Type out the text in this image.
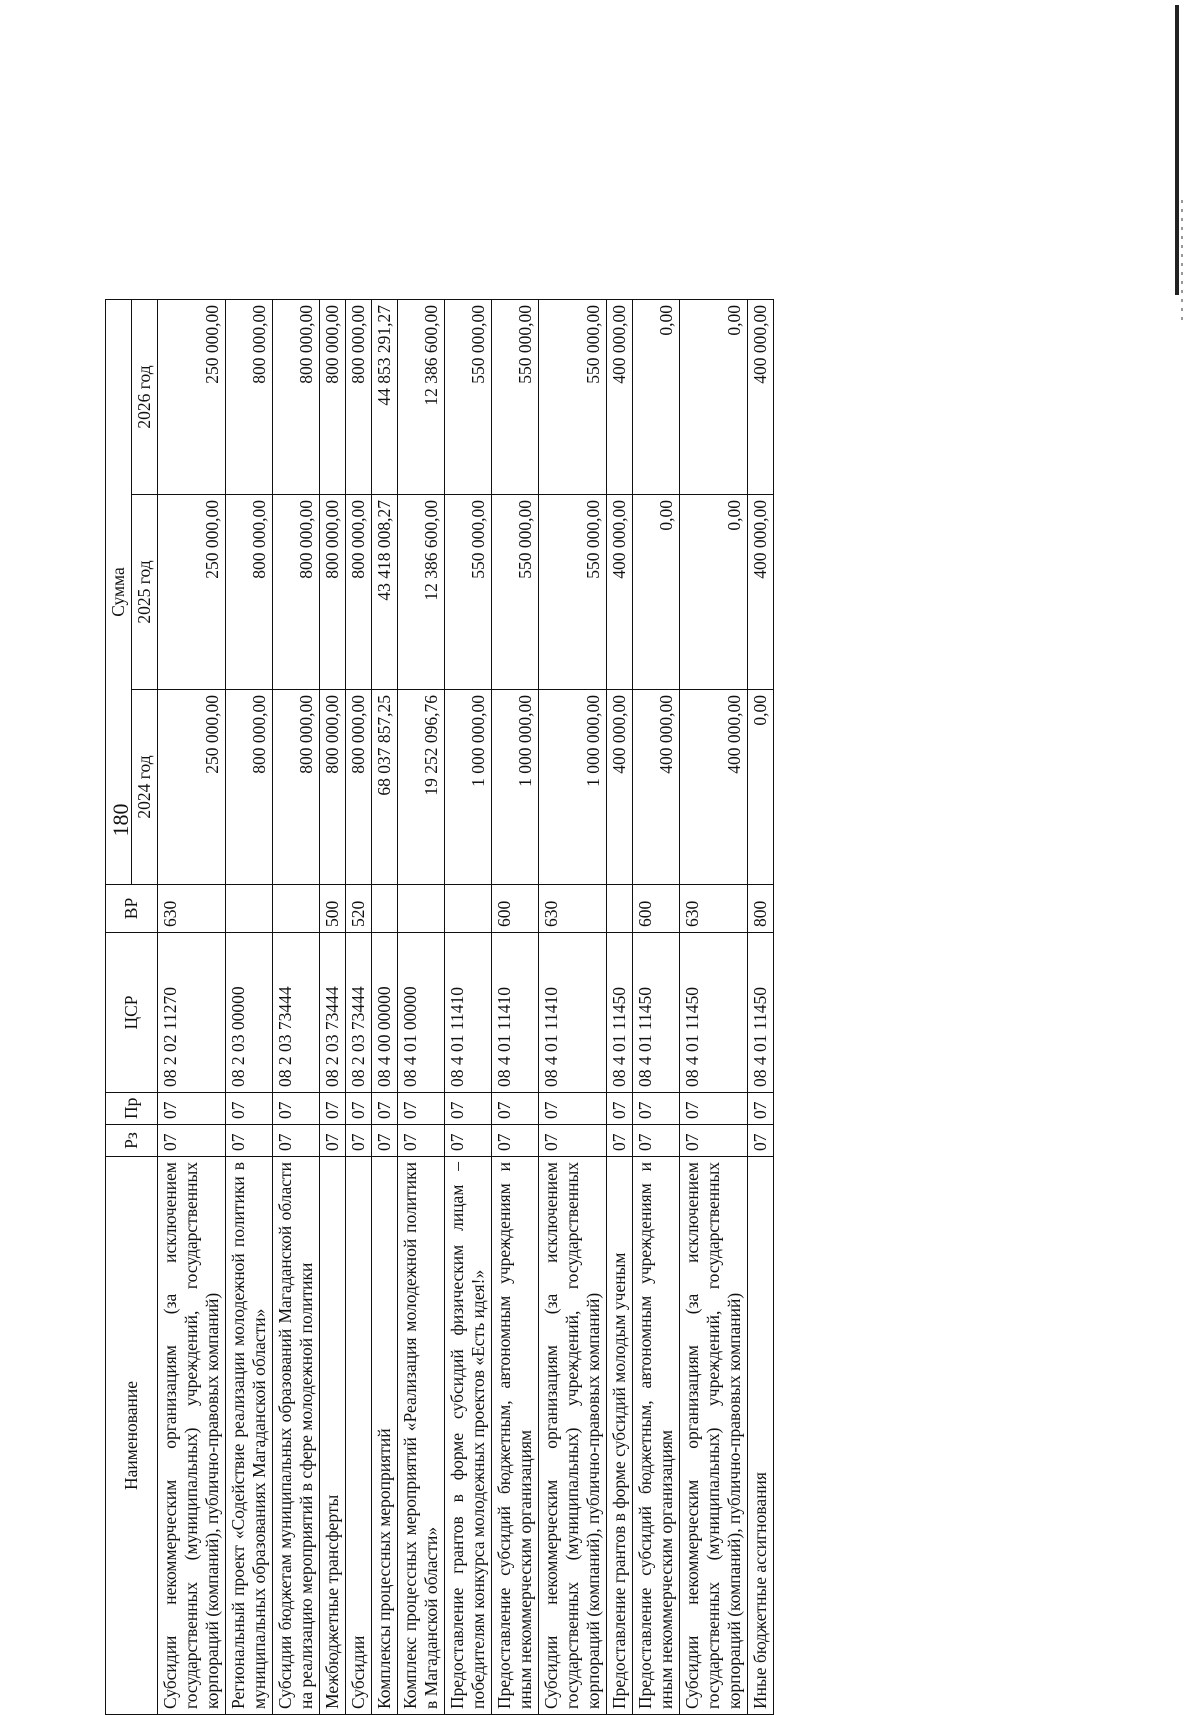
180
Наименование	Рз	Пр	ЦСР	ВР	Сумма		
					2024 год	2025 год	2026 год
Субсидии некоммерческим организациям (за исключением государственных (муниципальных) учреждений, государственных корпораций (компаний), публично-правовых компаний)	07	07	08 2 02 11270	630	250 000,00	250 000,00	250 000,00
Региональный проект «Содействие реализации молодежной политики в муниципальных образованиях Магаданской области»	07	07	08 2 03 00000		800 000,00	800 000,00	800 000,00
Субсидии бюджетам муниципальных образований Магаданской области на реализацию мероприятий в сфере молодежной политики	07	07	08 2 03 73444		800 000,00	800 000,00	800 000,00
Межбюджетные трансферты	07	07	08 2 03 73444	500	800 000,00	800 000,00	800 000,00
Субсидии	07	07	08 2 03 73444	520	800 000,00	800 000,00	800 000,00
Комплексы процессных мероприятий	07	07	08 4 00 00000		68 037 857,25	43 418 008,27	44 853 291,27
Комплекс процессных мероприятий «Реализация молодежной политики в Магаданской области»	07	07	08 4 01 00000		19 252 096,76	12 386 600,00	12 386 600,00
Предоставление грантов в форме субсидий физическим лицам – победителям конкурса молодежных проектов «Есть идея!»	07	07	08 4 01 11410		1 000 000,00	550 000,00	550 000,00
Предоставление субсидий бюджетным, автономным учреждениям и иным некоммерческим организациям	07	07	08 4 01 11410	600	1 000 000,00	550 000,00	550 000,00
Субсидии некоммерческим организациям (за исключением государственных (муниципальных) учреждений, государственных корпораций (компаний), публично-правовых компаний)	07	07	08 4 01 11410	630	1 000 000,00	550 000,00	550 000,00
Предоставление грантов в форме субсидий молодым ученым	07	07	08 4 01 11450		400 000,00	400 000,00	400 000,00
Предоставление субсидий бюджетным, автономным учреждениям и иным некоммерческим организациям	07	07	08 4 01 11450	600	400 000,00	0,00	0,00
Субсидии некоммерческим организациям (за исключением государственных (муниципальных) учреждений, государственных корпораций (компаний), публично-правовых компаний)	07	07	08 4 01 11450	630	400 000,00	0,00	0,00
Иные бюджетные ассигнования	07	07	08 4 01 11450	800	0,00	400 000,00	400 000,00
